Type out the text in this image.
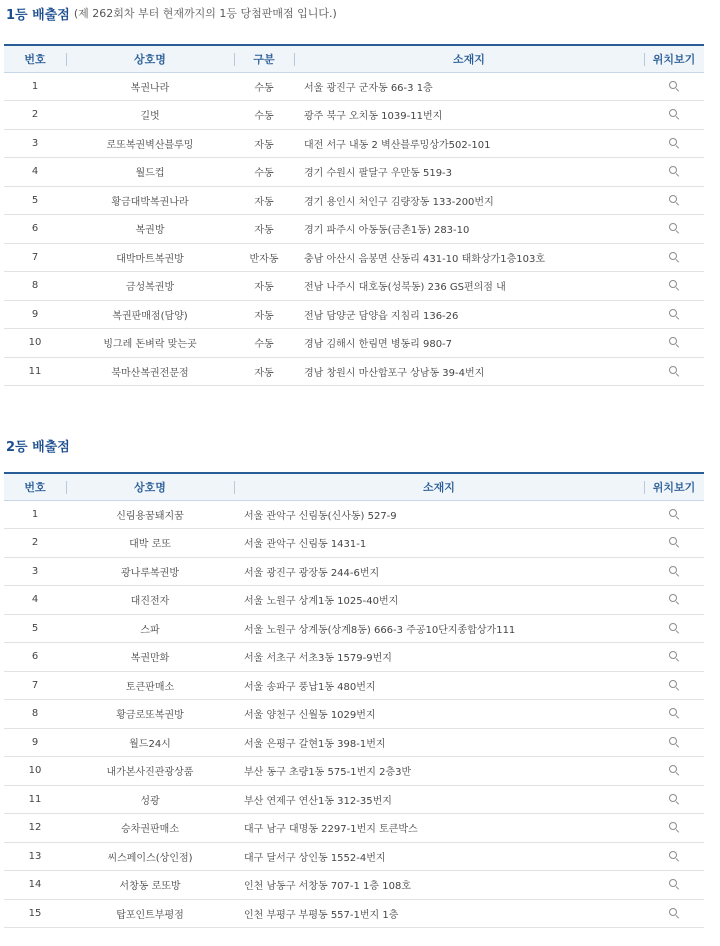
1등 배출점 (제 262회차 부터 현재까지의 1등 당첨판매점 입니다.)
번호	상호명	구분	소재지	위치보기
1	복권나라	수동	서울 광진구 군자동 66-3 1층	
2	길벗	수동	광주 북구 오치동 1039-11번지	
3	로또복권벽산블루밍	자동	대전 서구 내동 2 벽산블루밍상가502-101	
4	월드컵	수동	경기 수원시 팔달구 우만동 519-3	
5	황금대박복권나라	자동	경기 용인시 처인구 김량장동 133-200번지	
6	복권방	자동	경기 파주시 아동동(금촌1동) 283-10	
7	대박마트복권방	반자동	충남 아산시 음봉면 산동리 431-10 태화상가1층103호	
8	금성복권방	자동	전남 나주시 대호동(성북동) 236 GS편의점 내	
9	복권판매점(담양)	자동	전남 담양군 담양읍 지침리 136-26	
10	빙그레 돈벼락 맞는곳	수동	경남 김해시 한림면 병동리 980-7	
11	북마산복권전문점	자동	경남 창원시 마산합포구 상남동 39-4번지	
2등 배출점
번호	상호명	소재지	위치보기
1	신림용꿈돼지꿈	서울 관악구 신림동(신사동) 527-9	
2	대박 로또	서울 관악구 신림동 1431-1	
3	광나루복권방	서울 광진구 광장동 244-6번지	
4	대진전자	서울 노원구 상계1동 1025-40번지	
5	스파	서울 노원구 상계동(상계8동) 666-3 주공10단지종합상가111	
6	복권만화	서울 서초구 서초3동 1579-9번지	
7	토큰판매소	서울 송파구 풍납1동 480번지	
8	황금로또복권방	서울 양천구 신월동 1029번지	
9	월드24시	서울 은평구 갈현1동 398-1번지	
10	내가본사진관광상품	부산 동구 초량1동 575-1번지 2층3반	
11	성광	부산 연제구 연산1동 312-35번지	
12	승차권판매소	대구 남구 대명동 2297-1번지 토큰박스	
13	씨스페이스(상인점)	대구 달서구 상인동 1552-4번지	
14	서창동 로또방	인천 남동구 서창동 707-1 1층 108호	
15	탑포인트부평점	인천 부평구 부평동 557-1번지 1층	
